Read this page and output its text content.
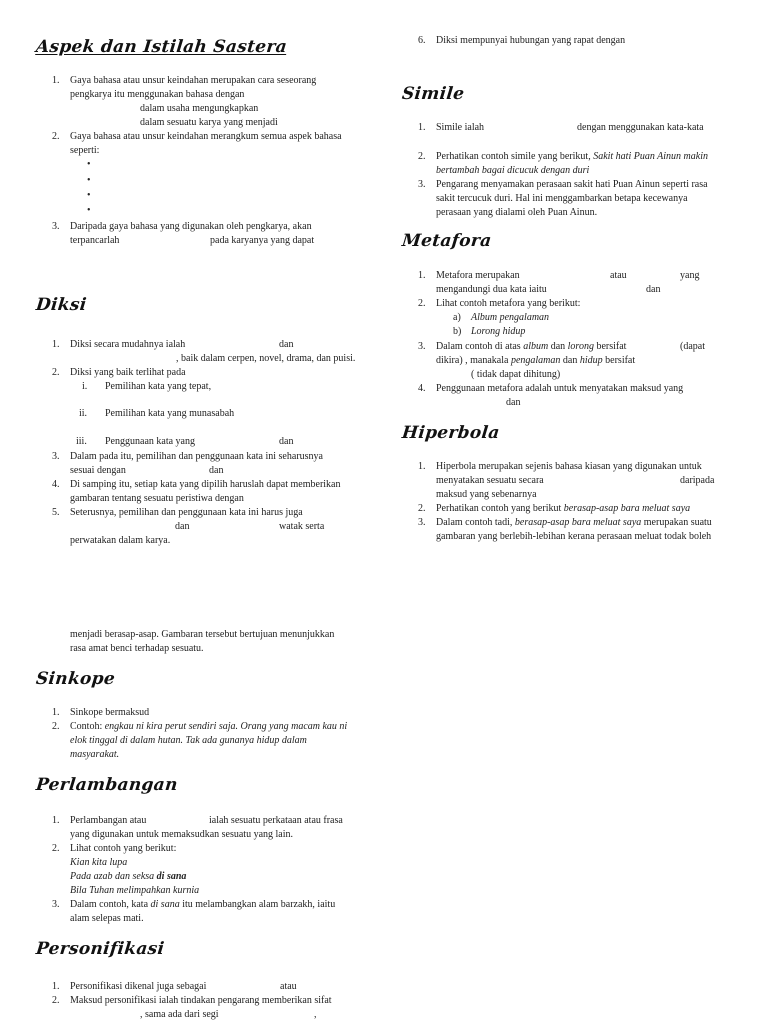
Aspek dan Istilah Sastera
1. Gaya bahasa atau unsur keindahan merupakan cara seseorang
pengkarya itu menggunakan bahasa dengan
dalam usaha mengungkapkan
dalam sesuatu karya yang menjadi
2. Gaya bahasa atau unsur keindahan merangkum semua aspek bahasa
seperti:
•
•
•
•
3. Daripada gaya bahasa yang digunakan oleh pengkarya, akan
terpancarlah	pada karyanya yang dapat
Diksi
1. Diksi secara mudahnya ialah	dan
, baik dalam cerpen, novel, drama, dan puisi.
2. Diksi yang baik terlihat pada
i. Pemilihan kata yang tepat,
ii. Pemilihan kata yang munasabah
iii. Penggunaan kata yang	dan
3. Dalam pada itu, pemilihan dan penggunaan kata ini seharusnya
sesuai dengan	dan
4. Di samping itu, setiap kata yang dipilih haruslah dapat memberikan
gambaran tentang sesuatu peristiwa dengan
5. Seterusnya, pemilihan dan penggunaan kata ini harus juga
dan	watak serta
perwatakan dalam karya.
menjadi berasap-asap. Gambaran tersebut bertujuan menunjukkan
rasa amat benci terhadap sesuatu.
Sinkope
1. Sinkope bermaksud
2. Contoh: engkau ni kira perut sendiri saja. Orang yang macam kau ni
elok tinggal di dalam hutan. Tak ada gunanya hidup dalam
masyarakat.
Perlambangan
1. Perlambangan atau	ialah sesuatu perkataan atau frasa
yang digunakan untuk memaksudkan sesuatu yang lain.
2. Lihat contoh yang berikut:
Kian kita lupa
Pada azab dan seksa di sana
Bila Tuhan melimpahkan kurnia
3. Dalam contoh, kata di sana itu melambangkan alam barzakh, iaitu
alam selepas mati.
Personifikasi
1. Personifikasi dikenal juga sebagai	atau
2. Maksud personifikasi ialah tindakan pengarang memberikan sifat
, sama ada dari segi	,
6. Diksi mempunyai hubungan yang rapat dengan
Simile
1. Simile ialah	dengan menggunakan kata-kata
2. Perhatikan contoh simile yang berikut, Sakit hati Puan Ainun makin
bertambah bagai dicucuk dengan duri
3. Pengarang menyamakan perasaan sakit hati Puan Ainun seperti rasa
sakit tercucuk duri. Hal ini menggambarkan betapa kecewanya
perasaan yang dialami oleh Puan Ainun.
Metafora
1. Metafora merupakan	atau	yang
mengandungi dua kata iaitu	dan
2. Lihat contoh metafora yang berikut:
a) Album pengalaman
b) Lorong hidup
3. Dalam contoh di atas album dan lorong bersifat	(dapat
dikira) , manakala pengalaman dan hidup bersifat
( tidak dapat dihitung)
4. Penggunaan metafora adalah untuk menyatakan maksud yang
dan
Hiperbola
1. Hiperbola merupakan sejenis bahasa kiasan yang digunakan untuk
menyatakan sesuatu secara	daripada
maksud yang sebenarnya
2. Perhatikan contoh yang berikut berasap-asap bara meluat saya
3. Dalam contoh tadi, berasap-asap bara meluat saya merupakan suatu
gambaran yang berlebih-lebihan kerana perasaan meluat todak boleh
